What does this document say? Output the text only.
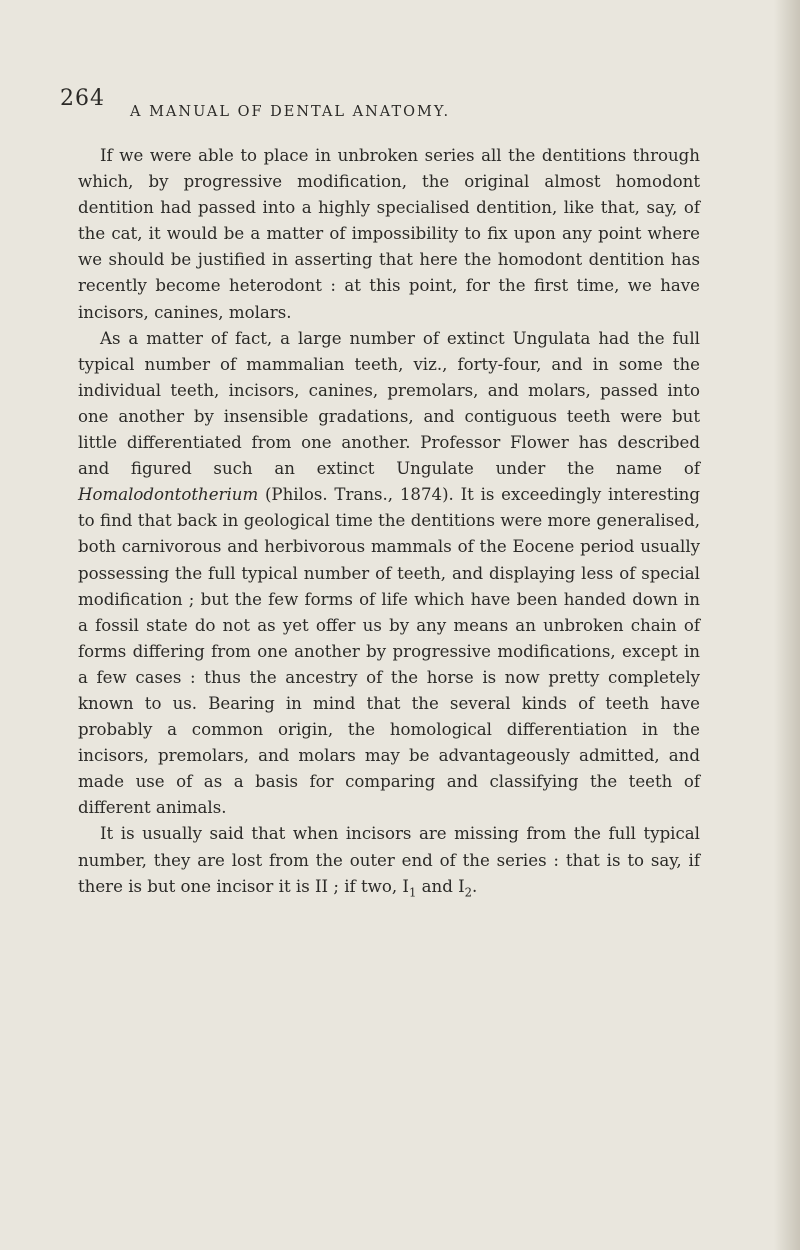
264
A MANUAL OF DENTAL ANATOMY.

If we were able to place in unbroken series all the dentitions through which, by progressive modification, the original almost homodont dentition had passed into a highly specialised dentition, like that, say, of the cat, it would be a matter of impossibility to fix upon any point where we should be justified in asserting that here the homodont dentition has recently become heterodont : at this point, for the first time, we have incisors, canines, molars.

As a matter of fact, a large number of extinct Ungulata had the full typical number of mammalian teeth, viz., forty-four, and in some the individual teeth, incisors, canines, premolars, and molars, passed into one another by insensible gradations, and contiguous teeth were but little differentiated from one another. Professor Flower has described and figured such an extinct Ungulate under the name of Homalodontotherium (Philos. Trans., 1874). It is exceedingly interesting to find that back in geological time the dentitions were more generalised, both carnivorous and herbivorous mammals of the Eocene period usually possessing the full typical number of teeth, and displaying less of special modification ; but the few forms of life which have been handed down in a fossil state do not as yet offer us by any means an unbroken chain of forms differing from one another by progressive modifications, except in a few cases : thus the ancestry of the horse is now pretty completely known to us. Bearing in mind that the several kinds of teeth have probably a common origin, the homological differentiation in the incisors, premolars, and molars may be advantageously admitted, and made use of as a basis for comparing and classifying the teeth of different animals.

It is usually said that when incisors are missing from the full typical number, they are lost from the outer end of the series : that is to say, if there is but one incisor it is II ; if two, $I_1$ and $I_2$.
